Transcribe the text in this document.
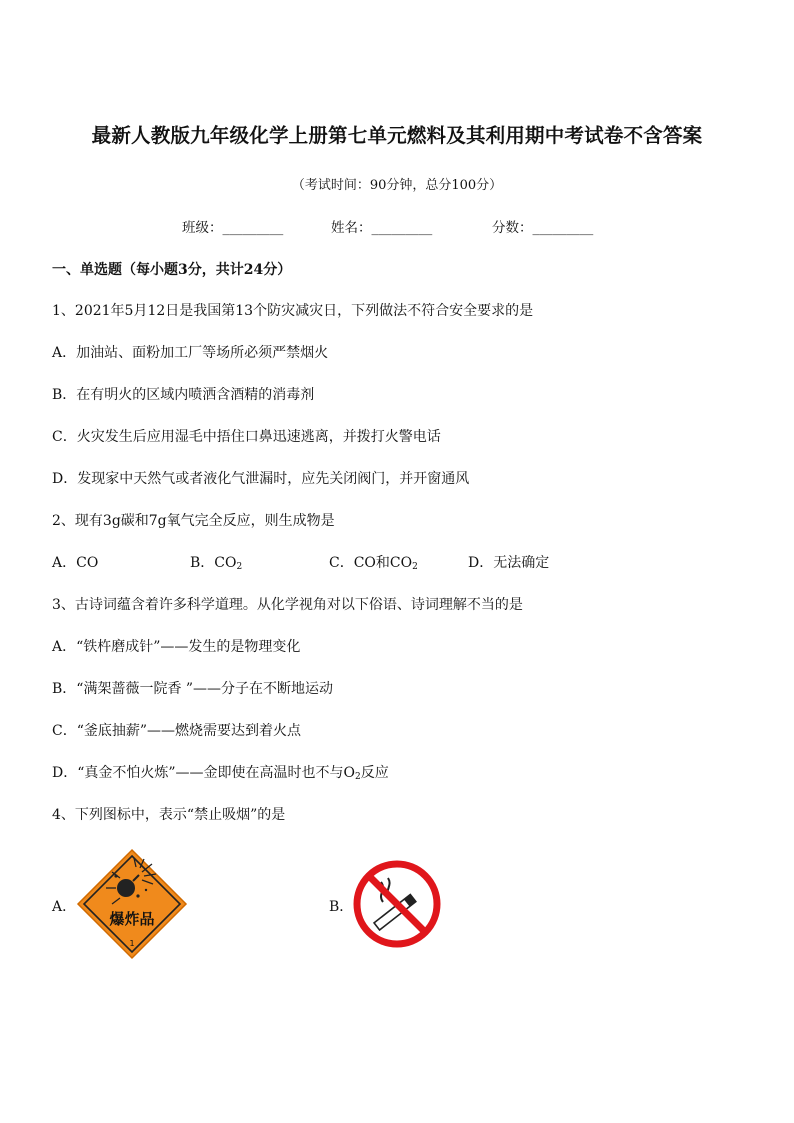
最新人教版九年级化学上册第七单元燃料及其利用期中考试卷不含答案
（考试时间：90分钟，总分100分）
班级：_________	姓名：_________	分数：_________
一、单选题（每小题3分，共计24分）
1、2021年5月12日是我国第13个防灾减灾日，下列做法不符合安全要求的是
A．加油站、面粉加工厂等场所必须严禁烟火
B．在有明火的区域内喷洒含酒精的消毒剂
C．火灾发生后应用湿毛中捂住口鼻迅速逃离，并拨打火警电话
D．发现家中天然气或者液化气泄漏时，应先关闭阀门，并开窗通风
2、现有3g碳和7g氧气完全反应，则生成物是
A．CO	B．$CO_2$	C．CO和$CO_2$	D．无法确定
3、古诗词蕴含着许多科学道理。从化学视角对以下俗语、诗词理解不当的是
A．“铁杵磨成针”——发生的是物理变化
B．“满架蔷薇一院香 ”——分子在不断地运动
C．“釜底抽薪”——燃烧需要达到着火点
D．“真金不怕火炼”——金即使在高温时也不与$O_2$反应
4、下列图标中，表示“禁止吸烟”的是
A．	B．
爆炸品
1
